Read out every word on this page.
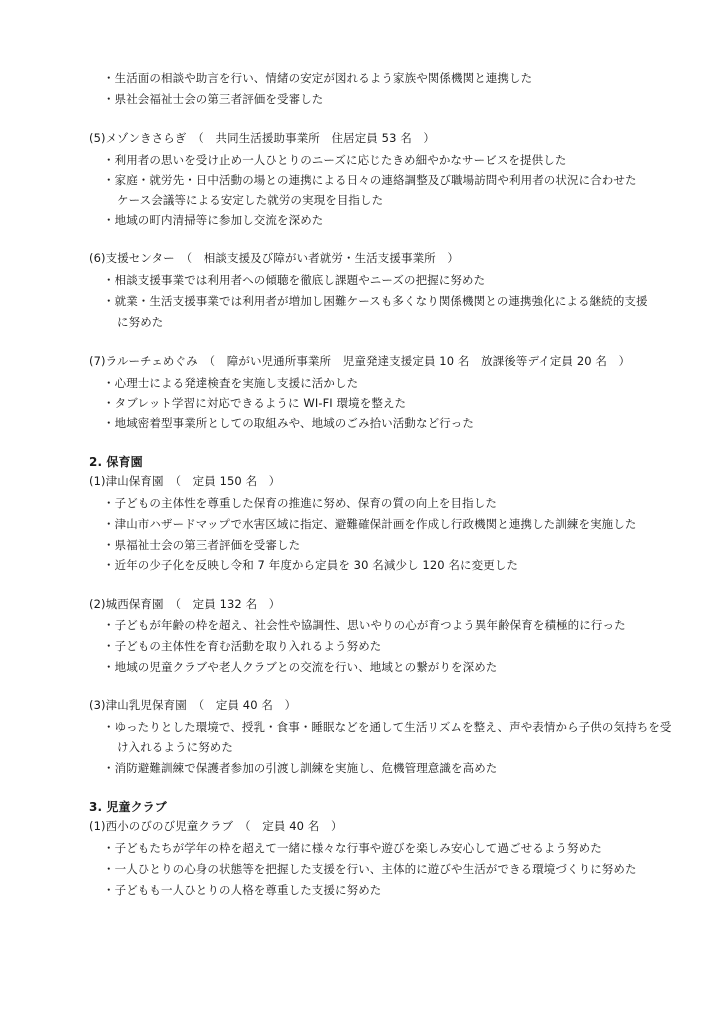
・生活面の相談や助言を行い、情緒の安定が図れるよう家族や関係機関と連携した
・県社会福祉士会の第三者評価を受審した
(5)メゾンきさらぎ　（　共同生活援助事業所　住居定員 53 名　）
・利用者の思いを受け止め一人ひとりのニーズに応じたきめ細やかなサービスを提供した
・家庭・就労先・日中活動の場との連携による日々の連絡調整及び職場訪問や利用者の状況に合わせた
ケース会議等による安定した就労の実現を目指した
・地域の町内清掃等に参加し交流を深めた
(6)支援センター　（　相談支援及び障がい者就労・生活支援事業所　）
・相談支援事業では利用者への傾聴を徹底し課題やニーズの把握に努めた
・就業・生活支援事業では利用者が増加し困難ケースも多くなり関係機関との連携強化による継続的支援
に努めた
(7)ラルーチェめぐみ　（　障がい児通所事業所　児童発達支援定員 10 名　放課後等デイ定員 20 名　）
・心理士による発達検査を実施し支援に活かした
・タブレット学習に対応できるように WI-FI 環境を整えた
・地域密着型事業所としての取組みや、地域のごみ拾い活動など行った
2. 保育園
(1)津山保育園　（　定員 150 名　）
・子どもの主体性を尊重した保育の推進に努め、保育の質の向上を目指した
・津山市ハザードマップで水害区域に指定、避難確保計画を作成し行政機関と連携した訓練を実施した
・県福祉士会の第三者評価を受審した
・近年の少子化を反映し令和 7 年度から定員を 30 名減少し 120 名に変更した
(2)城西保育園　（　定員 132 名　）
・子どもが年齢の枠を超え、社会性や協調性、思いやりの心が育つよう異年齢保育を積極的に行った
・子どもの主体性を育む活動を取り入れるよう努めた
・地域の児童クラブや老人クラブとの交流を行い、地域との繋がりを深めた
(3)津山乳児保育園　（　定員 40 名　）
・ゆったりとした環境で、授乳・食事・睡眠などを通して生活リズムを整え、声や表情から子供の気持ちを受
け入れるように努めた
・消防避難訓練で保護者参加の引渡し訓練を実施し、危機管理意識を高めた
3. 児童クラブ
(1)西小のびのび児童クラブ　（　定員 40 名　）
・子どもたちが学年の枠を超えて一緒に様々な行事や遊びを楽しみ安心して過ごせるよう努めた
・一人ひとりの心身の状態等を把握した支援を行い、主体的に遊びや生活ができる環境づくりに努めた
・子どもも一人ひとりの人格を尊重した支援に努めた
